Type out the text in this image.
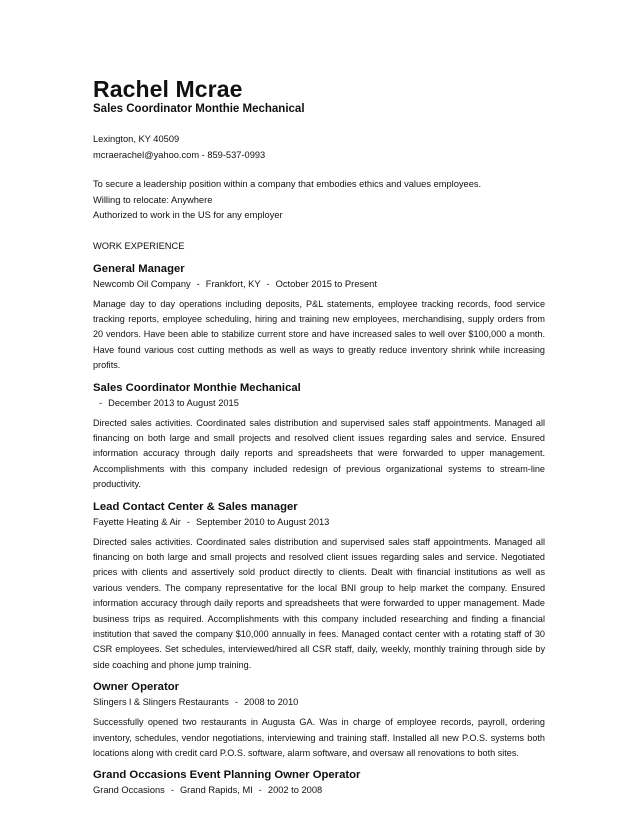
Rachel Mcrae

Sales Coordinator Monthie Mechanical

Lexington, KY 40509

mcraerachel@yahoo.com - 859-537-0993

To secure a leadership position within a company that embodies ethics and values employees.

Willing to relocate: Anywhere

Authorized to work in the US for any employer

WORK EXPERIENCE

General Manager

Newcomb Oil Company - Frankfort, KY - October 2015 to Present

Manage day to day operations including deposits, P&L statements, employee tracking records, food service tracking reports, employee scheduling, hiring and training new employees, merchandising, supply orders from 20 vendors. Have been able to stabilize current store and have increased sales to well over $100,000 a month. Have found various cost cutting methods as well as ways to greatly reduce inventory shrink while increasing profits.

Sales Coordinator Monthie Mechanical

- December 2013 to August 2015

Directed sales activities. Coordinated sales distribution and supervised sales staff appointments. Managed all financing on both large and small projects and resolved client issues regarding sales and service. Ensured information accuracy through daily reports and spreadsheets that were forwarded to upper management. Accomplishments with this company included redesign of previous organizational systems to stream-line productivity.

Lead Contact Center & Sales manager

Fayette Heating & Air - September 2010 to August 2013

Directed sales activities. Coordinated sales distribution and supervised sales staff appointments. Managed all financing on both large and small projects and resolved client issues regarding sales and service. Negotiated prices with clients and assertively sold product directly to clients. Dealt with financial institutions as well as various venders. The company representative for the local BNI group to help market the company. Ensured information accuracy through daily reports and spreadsheets that were forwarded to upper management. Made business trips as required. Accomplishments with this company included researching and finding a financial institution that saved the company $10,000 annually in fees. Managed contact center with a rotating staff of 30 CSR employees. Set schedules, interviewed/hired all CSR staff, daily, weekly, monthly training through side by side coaching and phone jump training.

Owner Operator

Slingers l & Slingers Restaurants - 2008 to 2010

Successfully opened two restaurants in Augusta GA. Was in charge of employee records, payroll, ordering inventory, schedules, vendor negotiations, interviewing and training staff. Installed all new P.O.S. systems both locations along with credit card P.O.S. software, alarm software, and oversaw all renovations to both sites.

Grand Occasions Event Planning Owner Operator

Grand Occasions - Grand Rapids, MI - 2002 to 2008
